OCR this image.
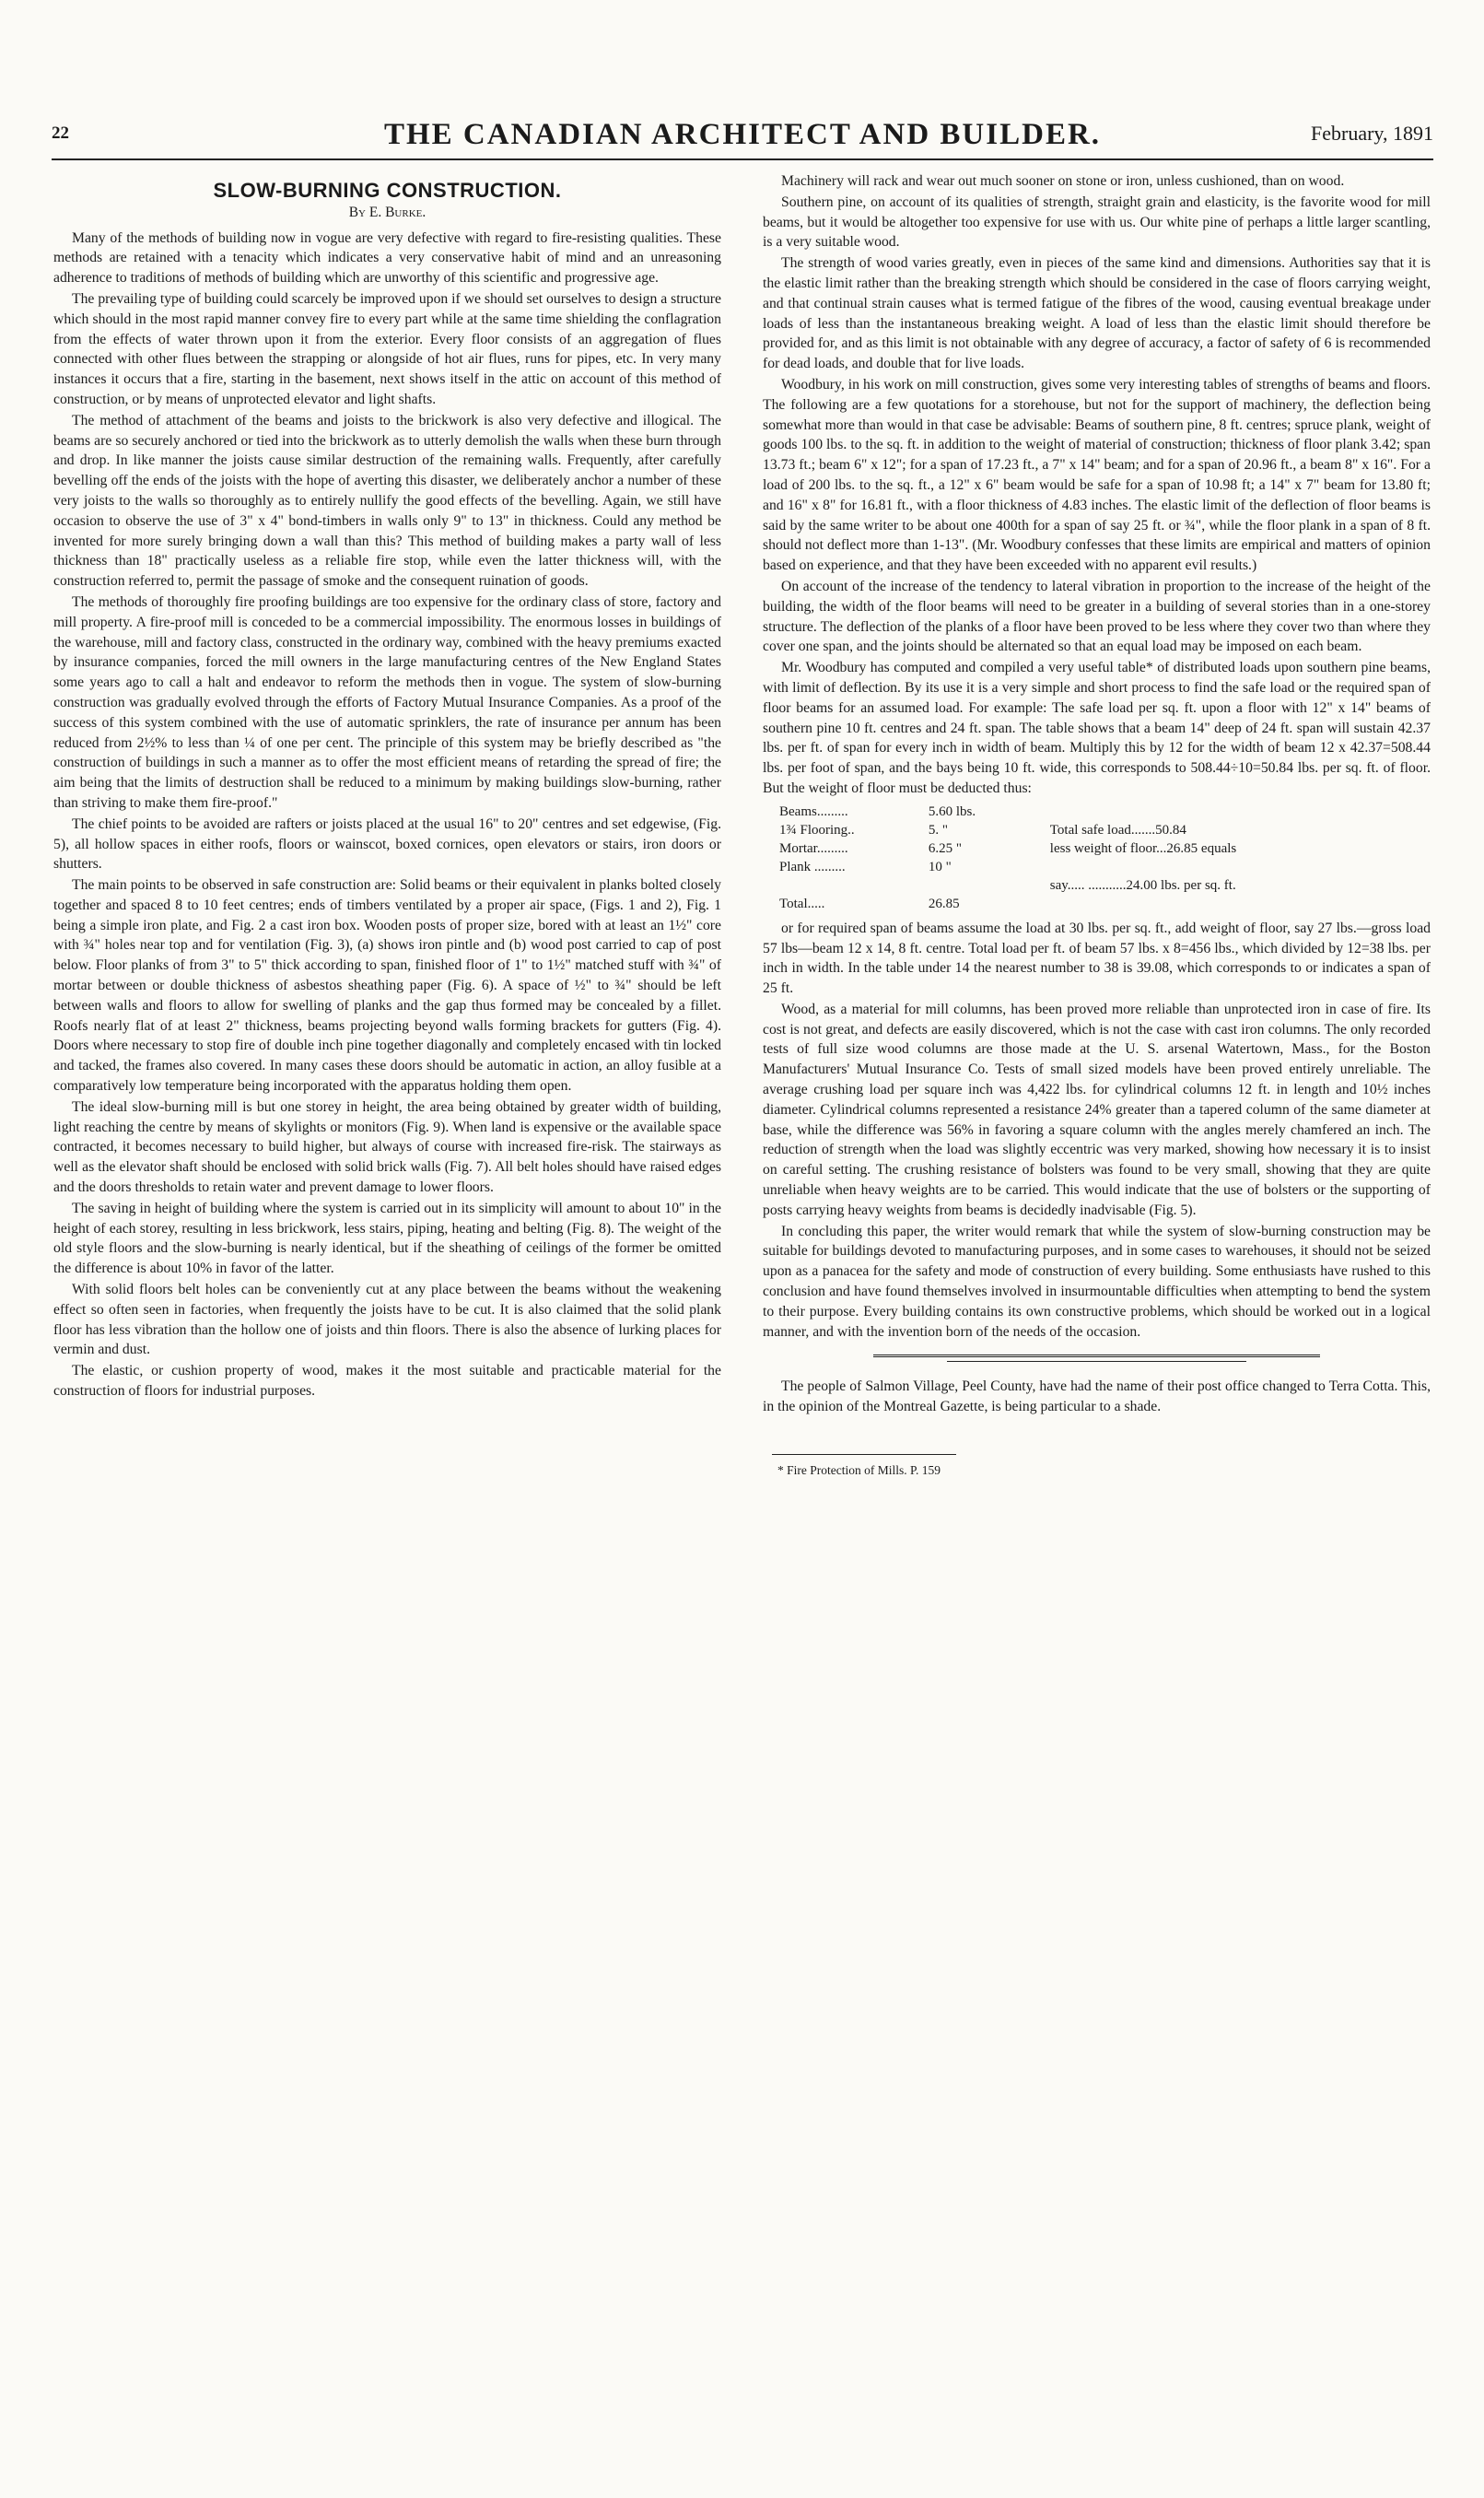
22	THE CANADIAN ARCHITECT AND BUILDER.	February, 1891
SLOW-BURNING CONSTRUCTION.
By E. Burke.

Many of the methods of building now in vogue are very defective with regard to fire-resisting qualities. These methods are retained with a tenacity which indicates a very conservative habit of mind and an unreasoning adherence to traditions of methods of building which are unworthy of this scientific and progressive age.

The prevailing type of building could scarcely be improved upon if we should set ourselves to design a structure which should in the most rapid manner convey fire to every part while at the same time shielding the conflagration from the effects of water thrown upon it from the exterior. Every floor consists of an aggregation of flues connected with other flues between the strapping or alongside of hot air flues, runs for pipes, etc. In very many instances it occurs that a fire, starting in the basement, next shows itself in the attic on account of this method of construction, or by means of unprotected elevator and light shafts.

The method of attachment of the beams and joists to the brickwork is also very defective and illogical. The beams are so securely anchored or tied into the brickwork as to utterly demolish the walls when these burn through and drop. In like manner the joists cause similar destruction of the remaining walls. Frequently, after carefully bevelling off the ends of the joists with the hope of averting this disaster, we deliberately anchor a number of these very joists to the walls so thoroughly as to entirely nullify the good effects of the bevelling. Again, we still have occasion to observe the use of 3" x 4" bond-timbers in walls only 9" to 13" in thickness. Could any method be invented for more surely bringing down a wall than this? This method of building makes a party wall of less thickness than 18" practically useless as a reliable fire stop, while even the latter thickness will, with the construction referred to, permit the passage of smoke and the consequent ruination of goods.

The methods of thoroughly fire proofing buildings are too expensive for the ordinary class of store, factory and mill property. A fire-proof mill is conceded to be a commercial impossibility. The enormous losses in buildings of the warehouse, mill and factory class, constructed in the ordinary way, combined with the heavy premiums exacted by insurance companies, forced the mill owners in the large manufacturing centres of the New England States some years ago to call a halt and endeavor to reform the methods then in vogue. The system of slow-burning construction was gradually evolved through the efforts of Factory Mutual Insurance Companies. As a proof of the success of this system combined with the use of automatic sprinklers, the rate of insurance per annum has been reduced from 2½% to less than ¼ of one per cent. The principle of this system may be briefly described as "the construction of buildings in such a manner as to offer the most efficient means of retarding the spread of fire; the aim being that the limits of destruction shall be reduced to a minimum by making buildings slow-burning, rather than striving to make them fire-proof."

The chief points to be avoided are rafters or joists placed at the usual 16" to 20" centres and set edgewise, (Fig. 5), all hollow spaces in either roofs, floors or wainscot, boxed cornices, open elevators or stairs, iron doors or shutters.

The main points to be observed in safe construction are: Solid beams or their equivalent in planks bolted closely together and spaced 8 to 10 feet centres; ends of timbers ventilated by a proper air space, (Figs. 1 and 2), Fig. 1 being a simple iron plate, and Fig. 2 a cast iron box. Wooden posts of proper size, bored with at least an 1½" core with ¾" holes near top and for ventilation (Fig. 3), (a) shows iron pintle and (b) wood post carried to cap of post below. Floor planks of from 3" to 5" thick according to span, finished floor of 1" to 1½" matched stuff with ¾" of mortar between or double thickness of asbestos sheathing paper (Fig. 6). A space of ½" to ¾" should be left between walls and floors to allow for swelling of planks and the gap thus formed may be concealed by a fillet. Roofs nearly flat of at least 2" thickness, beams projecting beyond walls forming brackets for gutters (Fig. 4). Doors where necessary to stop fire of double inch pine together diagonally and completely encased with tin locked and tacked, the frames also covered. In many cases these doors should be automatic in action, an alloy fusible at a comparatively low temperature being incorporated with the apparatus holding them open.

The ideal slow-burning mill is but one storey in height, the area being obtained by greater width of building, light reaching the centre by means of skylights or monitors (Fig. 9). When land is expensive or the available space contracted, it becomes necessary to build higher, but always of course with increased fire-risk. The stairways as well as the elevator shaft should be enclosed with solid brick walls (Fig. 7). All belt holes should have raised edges and the doors thresholds to retain water and prevent damage to lower floors.

The saving in height of building where the system is carried out in its simplicity will amount to about 10" in the height of each storey, resulting in less brickwork, less stairs, piping, heating and belting (Fig. 8). The weight of the old style floors and the slow-burning is nearly identical, but if the sheathing of ceilings of the former be omitted the difference is about 10% in favor of the latter.

With solid floors belt holes can be conveniently cut at any place between the beams without the weakening effect so often seen in factories, when frequently the joists have to be cut. It is also claimed that the solid plank floor has less vibration than the hollow one of joists and thin floors. There is also the absence of lurking places for vermin and dust.

The elastic, or cushion property of wood, makes it the most suitable and practicable material for the construction of floors for industrial purposes.

Machinery will rack and wear out much sooner on stone or iron, unless cushioned, than on wood.

Southern pine, on account of its qualities of strength, straight grain and elasticity, is the favorite wood for mill beams, but it would be altogether too expensive for use with us. Our white pine of perhaps a little larger scantling, is a very suitable wood.

The strength of wood varies greatly, even in pieces of the same kind and dimensions. Authorities say that it is the elastic limit rather than the breaking strength which should be considered in the case of floors carrying weight, and that continual strain causes what is termed fatigue of the fibres of the wood, causing eventual breakage under loads of less than the instantaneous breaking weight. A load of less than the elastic limit should therefore be provided for, and as this limit is not obtainable with any degree of accuracy, a factor of safety of 6 is recommended for dead loads, and double that for live loads.

Woodbury, in his work on mill construction, gives some very interesting tables of strengths of beams and floors. The following are a few quotations for a storehouse, but not for the support of machinery, the deflection being somewhat more than would in that case be advisable: Beams of southern pine, 8 ft. centres; spruce plank, weight of goods 100 lbs. to the sq. ft. in addition to the weight of material of construction; thickness of floor plank 3.42; span 13.73 ft.; beam 6" x 12"; for a span of 17.23 ft., a 7" x 14" beam; and for a span of 20.96 ft., a beam 8" x 16". For a load of 200 lbs. to the sq. ft., a 12" x 6" beam would be safe for a span of 10.98 ft; a 14" x 7" beam for 13.80 ft; and 16" x 8" for 16.81 ft., with a floor thickness of 4.83 inches. The elastic limit of the deflection of floor beams is said by the same writer to be about one 400th for a span of say 25 ft. or ¾", while the floor plank in a span of 8 ft. should not deflect more than 1-13". (Mr. Woodbury confesses that these limits are empirical and matters of opinion based on experience, and that they have been exceeded with no apparent evil results.)

On account of the increase of the tendency to lateral vibration in proportion to the increase of the height of the building, the width of the floor beams will need to be greater in a building of several stories than in a one-storey structure. The deflection of the planks of a floor have been proved to be less where they cover two than where they cover one span, and the joints should be alternated so that an equal load may be imposed on each beam.

Mr. Woodbury has computed and compiled a very useful table* of distributed loads upon southern pine beams, with limit of deflection. By its use it is a very simple and short process to find the safe load or the required span of floor beams for an assumed load. For example: The safe load per sq. ft. upon a floor with 12" x 14" beams of southern pine 10 ft. centres and 24 ft. span. The table shows that a beam 14" deep of 24 ft. span will sustain 42.37 lbs. per ft. of span for every inch in width of beam. Multiply this by 12 for the width of beam 12 x 42.37=508.44 lbs. per foot of span, and the bays being 10 ft. wide, this corresponds to 508.44÷10=50.84 lbs. per sq. ft. of floor. But the weight of floor must be deducted thus:

Beams.........	5.60 lbs.
1¾ Flooring..	5. "	Total safe load.......50.84
Mortar.........	6.25 "	less weight of floor...26.85 equals
Plank .........	10 "
say..... ...........24.00 lbs. per sq. ft.
Total.....	26.85

or for required span of beams assume the load at 30 lbs. per sq. ft., add weight of floor, say 27 lbs.—gross load 57 lbs—beam 12 x 14, 8 ft. centre. Total load per ft. of beam 57 lbs. x 8=456 lbs., which divided by 12=38 lbs. per inch in width. In the table under 14 the nearest number to 38 is 39.08, which corresponds to or indicates a span of 25 ft.

Wood, as a material for mill columns, has been proved more reliable than unprotected iron in case of fire. Its cost is not great, and defects are easily discovered, which is not the case with cast iron columns. The only recorded tests of full size wood columns are those made at the U. S. arsenal Watertown, Mass., for the Boston Manufacturers' Mutual Insurance Co. Tests of small sized models have been proved entirely unreliable. The average crushing load per square inch was 4,422 lbs. for cylindrical columns 12 ft. in length and 10½ inches diameter. Cylindrical columns represented a resistance 24% greater than a tapered column of the same diameter at base, while the difference was 56% in favoring a square column with the angles merely chamfered an inch. The reduction of strength when the load was slightly eccentric was very marked, showing how necessary it is to insist on careful setting. The crushing resistance of bolsters was found to be very small, showing that they are quite unreliable when heavy weights are to be carried. This would indicate that the use of bolsters or the supporting of posts carrying heavy weights from beams is decidedly inadvisable (Fig. 5).

In concluding this paper, the writer would remark that while the system of slow-burning construction may be suitable for buildings devoted to manufacturing purposes, and in some cases to warehouses, it should not be seized upon as a panacea for the safety and mode of construction of every building. Some enthusiasts have rushed to this conclusion and have found themselves involved in insurmountable difficulties when attempting to bend the system to their purpose. Every building contains its own constructive problems, which should be worked out in a logical manner, and with the invention born of the needs of the occasion.

The people of Salmon Village, Peel County, have had the name of their post office changed to Terra Cotta. This, in the opinion of the Montreal Gazette, is being particular to a shade.

* Fire Protection of Mills. P. 159
